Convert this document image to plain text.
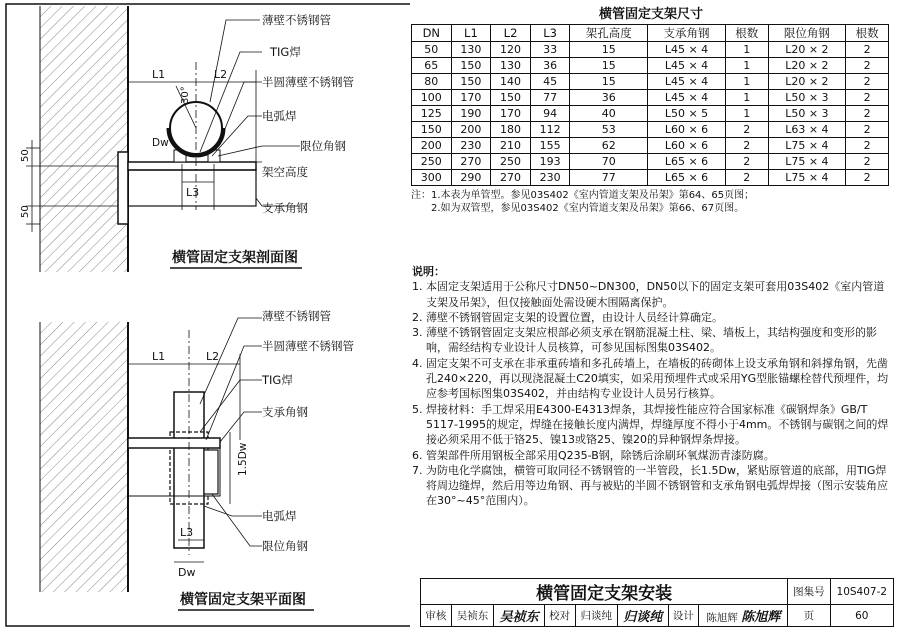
薄壁不锈钢管
TIG焊
半圆薄壁不锈钢管
电弧焊
限位角钢
架空高度
支承角钢
L1	L2
30°
Dw
L3
50
50
横管固定支架剖面图
薄壁不锈钢管
半圆薄壁不锈钢管
TIG焊
支承角钢
电弧焊
限位角钢
L1	L2
1.5Dw
L3
Dw
横管固定支架平面图
横管固定支架尺寸
DN	L1	L2	L3	架孔高度	支承角钢	根数	限位角钢	根数
50	130	120	33	15	L45 × 4	1	L20 × 2	2
65	150	130	36	15	L45 × 4	1	L20 × 2	2
80	150	140	45	15	L45 × 4	1	L20 × 2	2
100	170	150	77	36	L45 × 4	1	L50 × 3	2
125	190	170	94	40	L50 × 5	1	L50 × 3	2
150	200	180	112	53	L60 × 6	2	L63 × 4	2
200	230	210	155	62	L60 × 6	2	L75 × 4	2
250	270	250	193	70	L65 × 6	2	L75 × 4	2
300	290	270	230	77	L65 × 6	2	L75 × 4	2
注：1.本表为单管型。参见03S402《室内管道支架及吊架》第64、65页图；
2.如为双管型，参见03S402《室内管道支架及吊架》第66、67页图。
说明：
1. 本固定支架适用于公称尺寸DN50~DN300，DN50以下的固定支架可套用03S402《室内管道支架及吊架》，但仅接触面处需设硬木围隔离保护。
2. 薄壁不锈钢管固定支架的设置位置，由设计人员经计算确定。
3. 薄壁不锈钢管固定支架应根部必须支承在钢筋混凝土柱、梁、墙板上，其结构强度和变形的影响，需经结构专业设计人员核算，可参见国标图集03S402。
4. 固定支架不可支承在非承重砖墙和多孔砖墙上，在墙板的砖砌体上设支承角钢和斜撑角钢，先凿孔240×220，再以现浇混凝土C20填实，如采用预埋件式或采用YG型胀锚螺栓替代预埋件，均应参考国标图集03S402，并由结构专业设计人员另行核算。
5. 焊接材料：手工焊采用E4300-E4313焊条，其焊接性能应符合国家标准《碳钢焊条》GB/T 5117-1995的规定，焊缝在接触长度内满焊，焊缝厚度不得小于4mm。不锈钢与碳钢之间的焊接必须采用不低于铬25、镍13或铬25、镍20的异种钢焊条焊接。
6. 管架部件所用钢板全部采用Q235-B钢，除锈后涂刷环氧煤沥青漆防腐。
7. 为防电化学腐蚀，横管可取同径不锈钢管的一半管段，长1.5Dw，紧贴原管道的底部，用TIG焊将周边缝焊，然后用等边角钢、再与被贴的半圆不锈钢管和支承角钢电弧焊焊接（图示安装角应在30°~45°范围内）。
横管固定支架安装								图集号	10S407-2
审核	吴祯东	吴祯东	校对	归谈纯	归谈纯	设计	陈旭辉 陈旭辉	页	60
